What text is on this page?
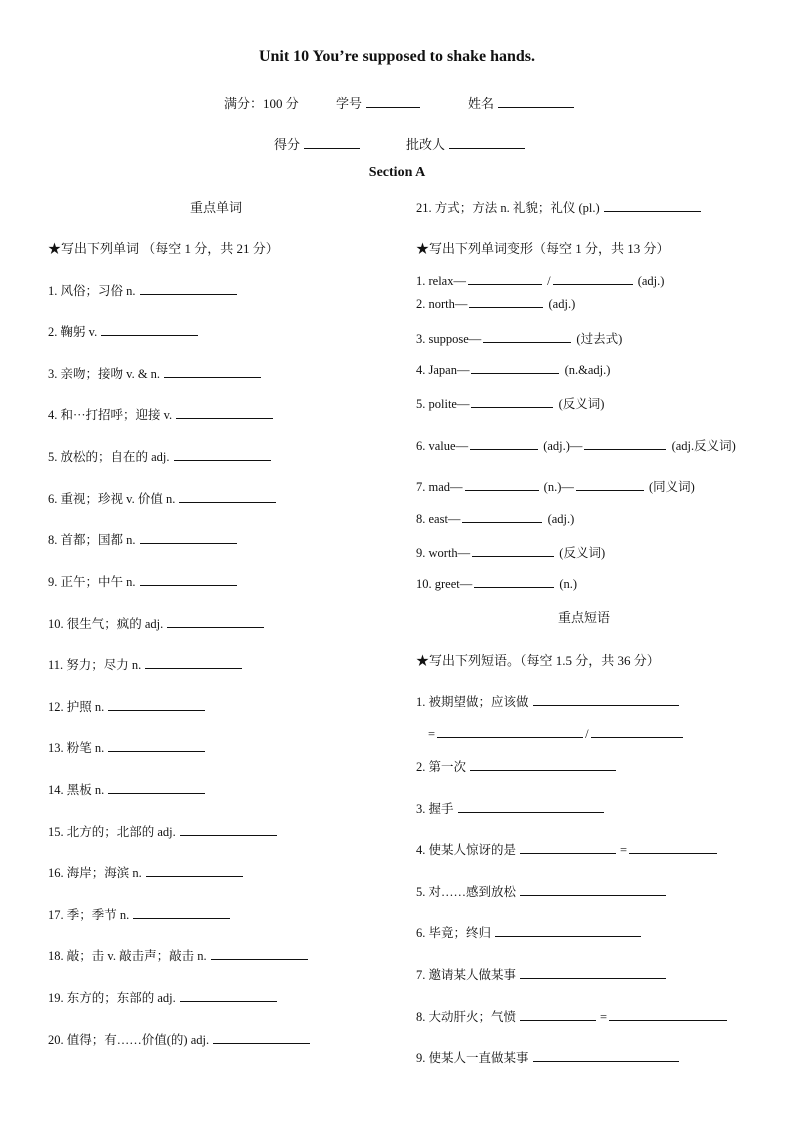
Unit 10 You’re supposed to shake hands.
满分：100 分	学号	姓名
得分	批改人
Section A
重点单词
★写出下列单词 （每空 1 分，共 21 分）
1. 风俗；习俗 n.
2. 鞠躬 v.
3. 亲吻；接吻 v. & n.
4. 和···打招呼；迎接 v.
5. 放松的；自在的 adj.
6. 重视；珍视 v. 价值 n.
8. 首都；国都 n.
9. 正午；中午 n.
10. 很生气；疯的 adj.
11. 努力；尽力 n.
12. 护照 n.
13. 粉笔 n.
14. 黑板 n.
15. 北方的；北部的 adj.
16. 海岸；海滨 n.
17. 季；季节 n.
18. 敲；击 v. 敲击声；敲击 n.
19. 东方的；东部的 adj.
20. 值得；有……价值(的) adj.
21. 方式；方法 n. 礼貌；礼仪 (pl.)
★写出下列单词变形（每空 1 分，共 13 分）
1. relax—	/	(adj.)
2. north—	(adj.)
3. suppose—	(过去式)
4. Japan—	(n.&adj.)
5. polite—	(反义词)
6. value—	(adj.)—	(adj.反义词)
7. mad—	(n.)—	(同义词)
8. east—	(adj.)
9. worth—	(反义词)
10. greet—	(n.)
重点短语
★写出下列短语。（每空 1.5 分，共 36 分）
1. 被期望做；应该做
=	/
2. 第一次
3. 握手
4. 使某人惊讶的是	=
5. 对……感到放松
6. 毕竟；终归
7. 邀请某人做某事
8. 大动肝火；气愤	=
9. 使某人一直做某事
